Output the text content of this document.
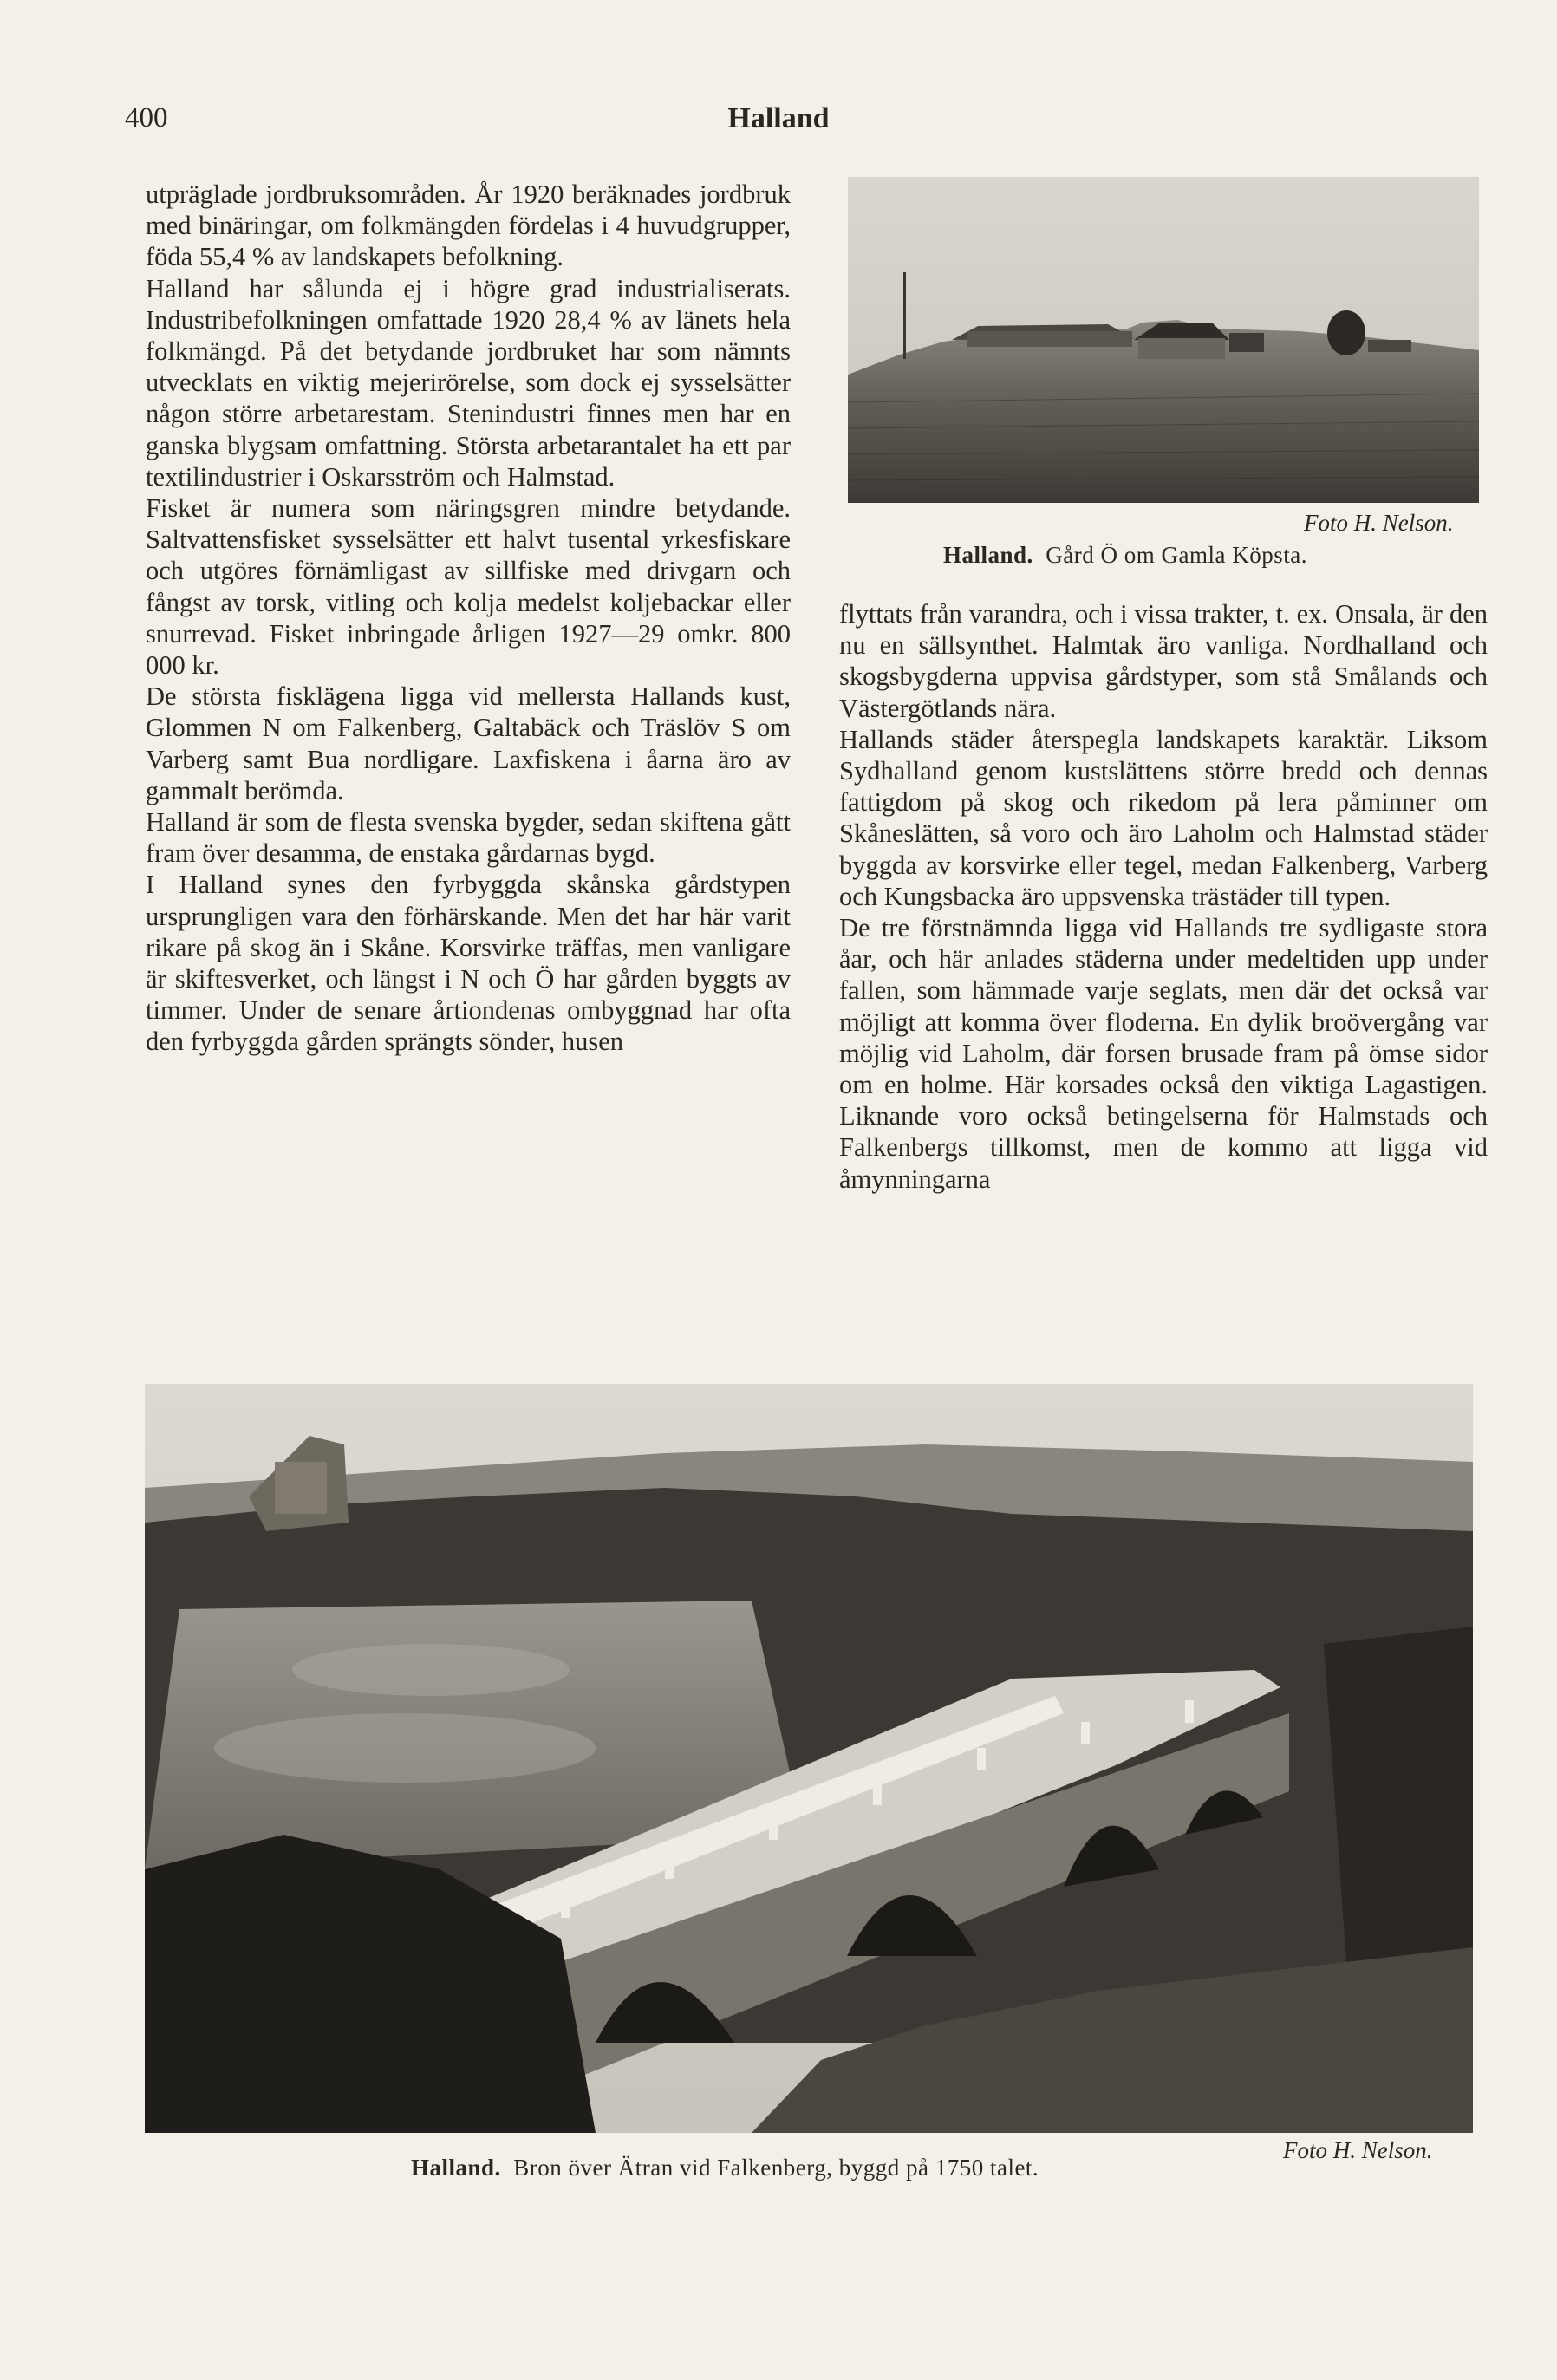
400	Halland

utpräglade jordbruksområden. År 1920 beräknades jordbruk med binäringar, om folkmängden fördelas i 4 huvudgrupper, föda 55,4 % av landskapets befolkning.

Halland har sålunda ej i högre grad industrialiserats. Industribefolkningen omfattade 1920 28,4 % av länets hela folkmängd. På det betydande jordbruket har som nämnts utvecklats en viktig mejerirörelse, som dock ej sysselsätter någon större arbetarestam. Stenindustri finnes men har en ganska blygsam omfattning. Största arbetarantalet ha ett par textilindustrier i Oskarsström och Halmstad.

Fisket är numera som näringsgren mindre betydande. Saltvattensfisket sysselsätter ett halvt tusental yrkesfiskare och utgöres förnämligast av sillfiske med drivgarn och fångst av torsk, vitling och kolja medelst koljebackar eller snurrevad. Fisket inbringade årligen 1927—29 omkr. 800 000 kr.

De största fisklägena ligga vid mellersta Hallands kust, Glommen N om Falkenberg, Galtabäck och Träslöv S om Varberg samt Bua nordligare. Laxfiskena i åarna äro av gammalt berömda.

Halland är som de flesta svenska bygder, sedan skiftena gått fram över desamma, de enstaka gårdarnas bygd.

I Halland synes den fyrbyggda skånska gårdstypen ursprungligen vara den förhärskande. Men det har här varit rikare på skog än i Skåne. Korsvirke träffas, men vanligare är skiftesverket, och längst i N och Ö har gården byggts av timmer. Under de senare årtiondenas ombyggnad har ofta den fyrbyggda gården sprängts sönder, husen

Foto H. Nelson.
Halland. Gård Ö om Gamla Köpsta.

flyttats från varandra, och i vissa trakter, t. ex. Onsala, är den nu en sällsynthet. Halmtak äro vanliga. Nordhalland och skogsbygderna uppvisa gårdstyper, som stå Smålands och Västergötlands nära.

Hallands städer återspegla landskapets karaktär. Liksom Sydhalland genom kustslättens större bredd och dennas fattigdom på skog och rikedom på lera påminner om Skåneslätten, så voro och äro Laholm och Halmstad städer byggda av korsvirke eller tegel, medan Falkenberg, Varberg och Kungsbacka äro uppsvenska trästäder till typen.

De tre förstnämnda ligga vid Hallands tre sydligaste stora åar, och här anlades städerna under medeltiden upp under fallen, som hämmade varje seglats, men där det också var möjligt att komma över floderna. En dylik broövergång var möjlig vid Laholm, där forsen brusade fram på ömse sidor om en holme. Här korsades också den viktiga Lagastigen. Liknande voro också betingelserna för Halmstads och Falkenbergs tillkomst, men de kommo att ligga vid åmynningarna

Foto H. Nelson.
Halland. Bron över Ätran vid Falkenberg, byggd på 1750 talet.
